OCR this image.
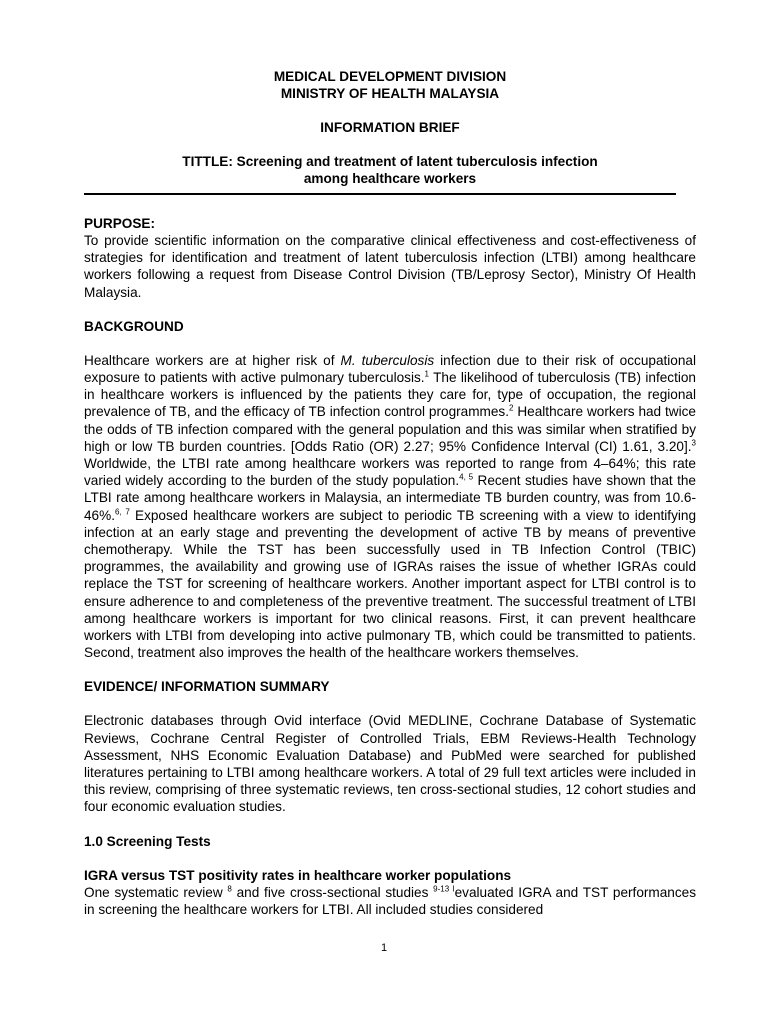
MEDICAL DEVELOPMENT DIVISION
MINISTRY OF HEALTH MALAYSIA
INFORMATION BRIEF
TITTLE: Screening and treatment of latent tuberculosis infection
among healthcare workers
PURPOSE:

To provide scientific information on the comparative clinical effectiveness and cost-effectiveness of strategies for identification and treatment of latent tuberculosis infection (LTBI) among healthcare workers following a request from Disease Control Division (TB/Leprosy Sector), Ministry Of Health Malaysia.

BACKGROUND

Healthcare workers are at higher risk of M. tuberculosis infection due to their risk of occupational exposure to patients with active pulmonary tuberculosis.$^1$ The likelihood of tuberculosis (TB) infection in healthcare workers is influenced by the patients they care for, type of occupation, the regional prevalence of TB, and the efficacy of TB infection control programmes.$^2$ Healthcare workers had twice the odds of TB infection compared with the general population and this was similar when stratified by high or low TB burden countries. [Odds Ratio (OR) 2.27; 95% Confidence Interval (CI) 1.61, 3.20].$^3$ Worldwide, the LTBI rate among healthcare workers was reported to range from 4–64%; this rate varied widely according to the burden of the study population.$^{4, 5}$ Recent studies have shown that the LTBI rate among healthcare workers in Malaysia, an intermediate TB burden country, was from 10.6-46%.$^{6, 7}$ Exposed healthcare workers are subject to periodic TB screening with a view to identifying infection at an early stage and preventing the development of active TB by means of preventive chemotherapy. While the TST has been successfully used in TB Infection Control (TBIC) programmes, the availability and growing use of IGRAs raises the issue of whether IGRAs could replace the TST for screening of healthcare workers. Another important aspect for LTBI control is to ensure adherence to and completeness of the preventive treatment. The successful treatment of LTBI among healthcare workers is important for two clinical reasons. First, it can prevent healthcare workers with LTBI from developing into active pulmonary TB, which could be transmitted to patients. Second, treatment also improves the health of the healthcare workers themselves.

EVIDENCE/ INFORMATION SUMMARY

Electronic databases through Ovid interface (Ovid MEDLINE, Cochrane Database of Systematic Reviews, Cochrane Central Register of Controlled Trials, EBM Reviews-Health Technology Assessment, NHS Economic Evaluation Database) and PubMed were searched for published literatures pertaining to LTBI among healthcare workers. A total of 29 full text articles were included in this review, comprising of three systematic reviews, ten cross-sectional studies, 12 cohort studies and four economic evaluation studies.

1.0 Screening Tests
IGRA versus TST positivity rates in healthcare worker populations

One systematic review $^8$ and five cross-sectional studies $^{9-13 I}$evaluated IGRA and TST performances in screening the healthcare workers for LTBI. All included studies considered

1
